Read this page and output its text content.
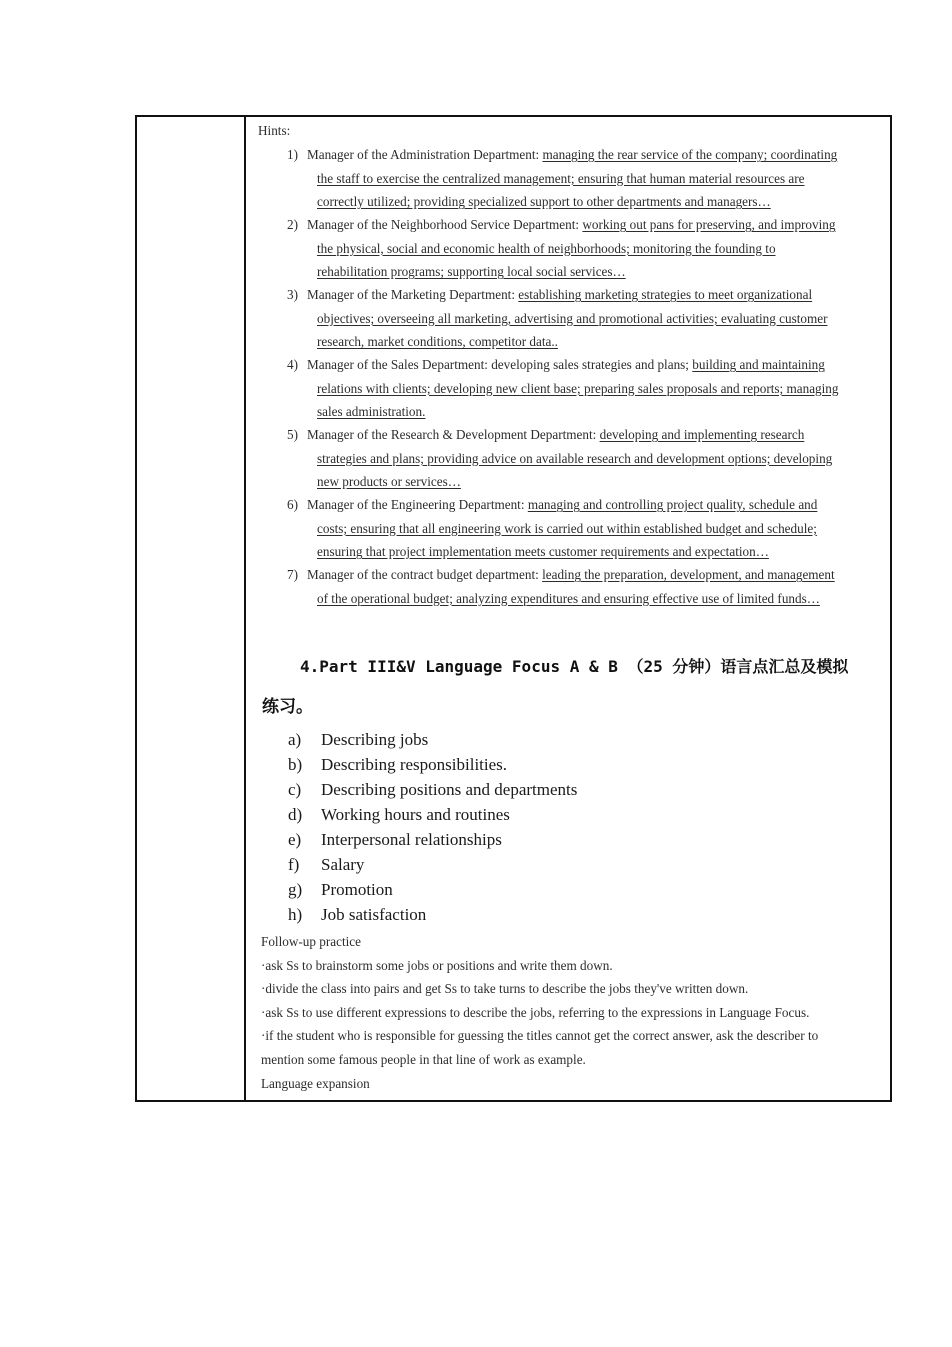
Hints:
1) Manager of the Administration Department: managing the rear service of the company; coordinating
the staff to exercise the centralized management; ensuring that human material resources are
correctly utilized; providing specialized support to other departments and managers…
2) Manager of the Neighborhood Service Department: working out pans for preserving, and improving
the physical, social and economic health of neighborhoods; monitoring the founding to
rehabilitation programs; supporting local social services…
3) Manager of the Marketing Department: establishing marketing strategies to meet organizational
objectives; overseeing all marketing, advertising and promotional activities; evaluating customer
research, market conditions, competitor data..
4) Manager of the Sales Department: developing sales strategies and plans; building and maintaining
relations with clients; developing new client base; preparing sales proposals and reports; managing
sales administration.
5) Manager of the Research & Development Department: developing and implementing research
strategies and plans; providing advice on available research and development options; developing
new products or services…
6) Manager of the Engineering Department: managing and controlling project quality, schedule and
costs; ensuring that all engineering work is carried out within established budget and schedule;
ensuring that project implementation meets customer requirements and expectation…
7) Manager of the contract budget department: leading the preparation, development, and management
of the operational budget; analyzing expenditures and ensuring effective use of limited funds…
4.Part III&V Language Focus A & B （25 分钟）语言点汇总及模拟
练习。
a) Describing jobs
b) Describing responsibilities.
c) Describing positions and departments
d) Working hours and routines
e) Interpersonal relationships
f) Salary
g) Promotion
h) Job satisfaction
Follow-up practice
·ask Ss to brainstorm some jobs or positions and write them down.
·divide the class into pairs and get Ss to take turns to describe the jobs they've written down.
·ask Ss to use different expressions to describe the jobs, referring to the expressions in Language Focus.
·if the student who is responsible for guessing the titles cannot get the correct answer, ask the describer to
mention some famous people in that line of work as example.
Language expansion
